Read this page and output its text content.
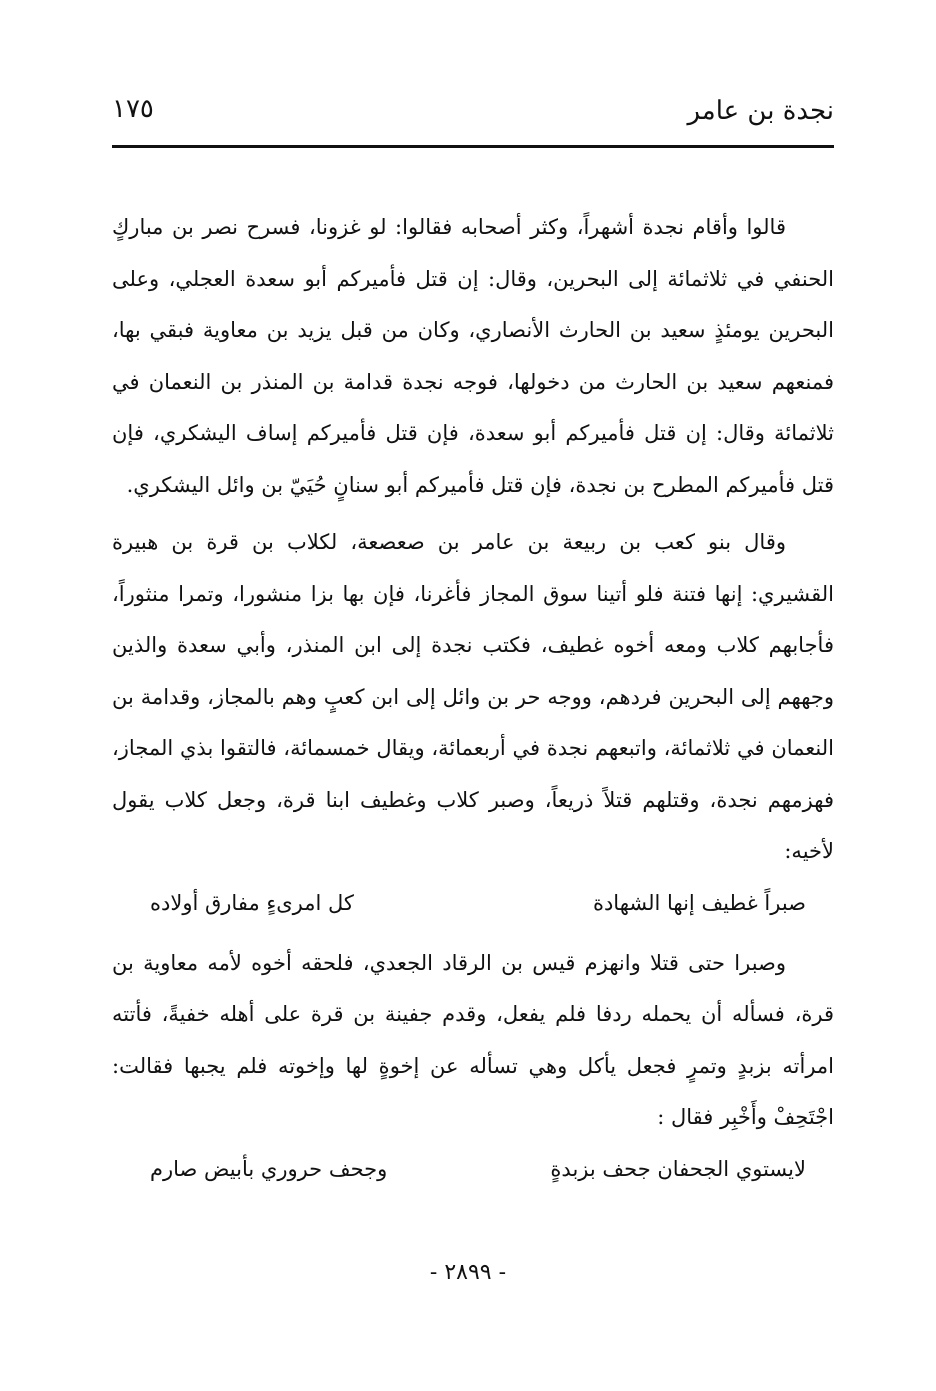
نجدة بن عامر
١٧٥

قالوا وأقام نجدة أشهراً، وكثر أصحابه فقالوا: لو غزونا، فسرح نصر بن مباركٍ الحنفي في ثلاثمائة إلى البحرين، وقال: إن قتل فأميركم أبو سعدة العجلي، وعلى البحرين يومئذٍ سعيد بن الحارث الأنصاري، وكان من قبل يزيد بن معاوية فبقي بها، فمنعهم سعيد بن الحارث من دخولها، فوجه نجدة قدامة بن المنذر بن النعمان في ثلاثمائة وقال: إن قتل فأميركم أبو سعدة، فإن قتل فأميركم إساف اليشكري، فإن قتل فأميركم المطرح بن نجدة، فإن قتل فأميركم أبو سنانٍ حُيَيّ بن وائل اليشكري.

وقال بنو كعب بن ربيعة بن عامر بن صعصعة، لكلاب بن قرة بن هبيرة القشيري: إنها فتنة فلو أتينا سوق المجاز فأغرنا، فإن بها بزا منشورا، وتمرا منثوراً، فأجابهم كلاب ومعه أخوه غطيف، فكتب نجدة إلى ابن المنذر، وأبي سعدة والذين وجههم إلى البحرين فردهم، ووجه حر بن وائل إلى ابن كعبٍ وهم بالمجاز، وقدامة بن النعمان في ثلاثمائة، واتبعهم نجدة في أربعمائة، ويقال خمسمائة، فالتقوا بذي المجاز، فهزمهم نجدة، وقتلهم قتلاً ذريعاً، وصبر كلاب وغطيف ابنا قرة، وجعل كلاب يقول لأخيه:

صبراً غطيف إنها الشهادة
كل امرىءٍ مفارق أولاده

وصبرا حتى قتلا وانهزم قيس بن الرقاد الجعدي، فلحقه أخوه لأمه معاوية بن قرة، فسأله أن يحمله ردفا فلم يفعل، وقدم جفينة بن قرة على أهله خفيةً، فأتته امرأته بزبدٍ وتمرٍ فجعل يأكل وهي تسأله عن إخوةٍ لها وإخوته فلم يجبها فقالت: اجْتَحِفْ وأَخْبِر فقال :

لايستوي الجحفان جحف بزبدةٍ
وجحف حروري بأبيض صارم
- ٢٨٩٩ -
